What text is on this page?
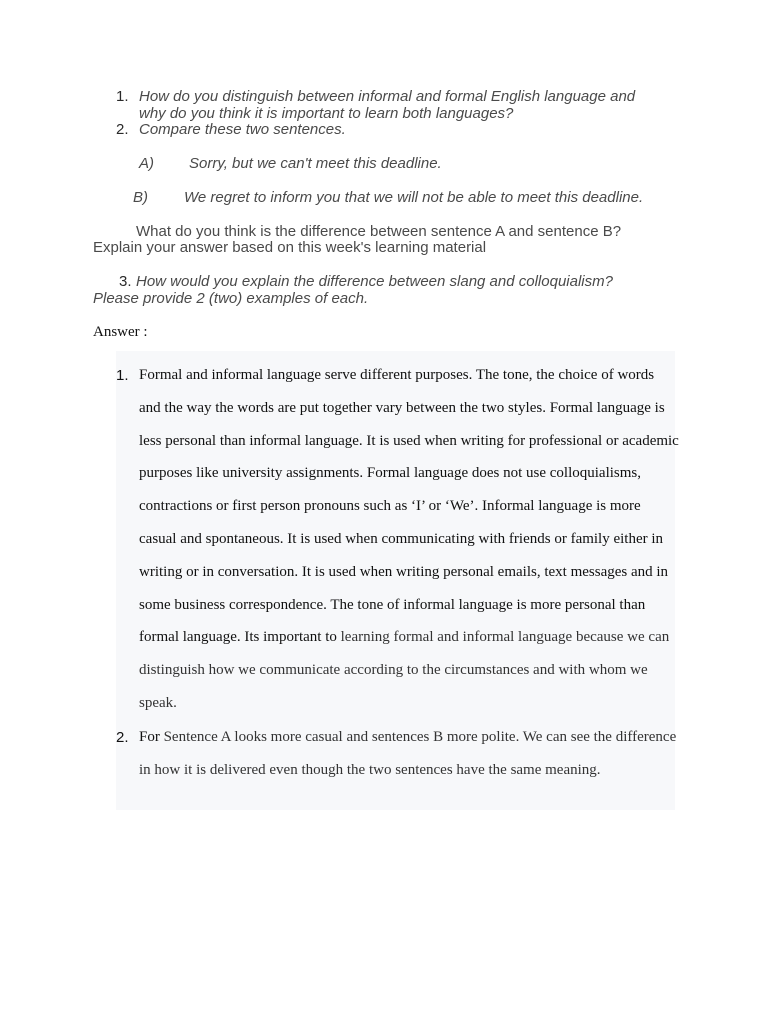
1. How do you distinguish between informal and formal English language and
why do you think it is important to learn both languages?
2. Compare these two sentences.
A) Sorry, but we can't meet this deadline.
B) We regret to inform you that we will not be able to meet this deadline.
What do you think is the difference between sentence A and sentence B?
Explain your answer based on this week's learning material
3. How would you explain the difference between slang and colloquialism?
Please provide 2 (two) examples of each.
Answer :
1. Formal and informal language serve different purposes. The tone, the choice of words and the way the words are put together vary between the two styles. Formal language is less personal than informal language. It is used when writing for professional or academic purposes like university assignments. Formal language does not use colloquialisms, contractions or first person pronouns such as ‘I’ or ‘We’. Informal language is more casual and spontaneous. It is used when communicating with friends or family either in writing or in conversation. It is used when writing personal emails, text messages and in some business correspondence. The tone of informal language is more personal than formal language. Its important to learning formal and informal language because we can distinguish how we communicate according to the circumstances and with whom we speak.
2. For Sentence A looks more casual and sentences B more polite. We can see the difference in how it is delivered even though the two sentences have the same meaning.
